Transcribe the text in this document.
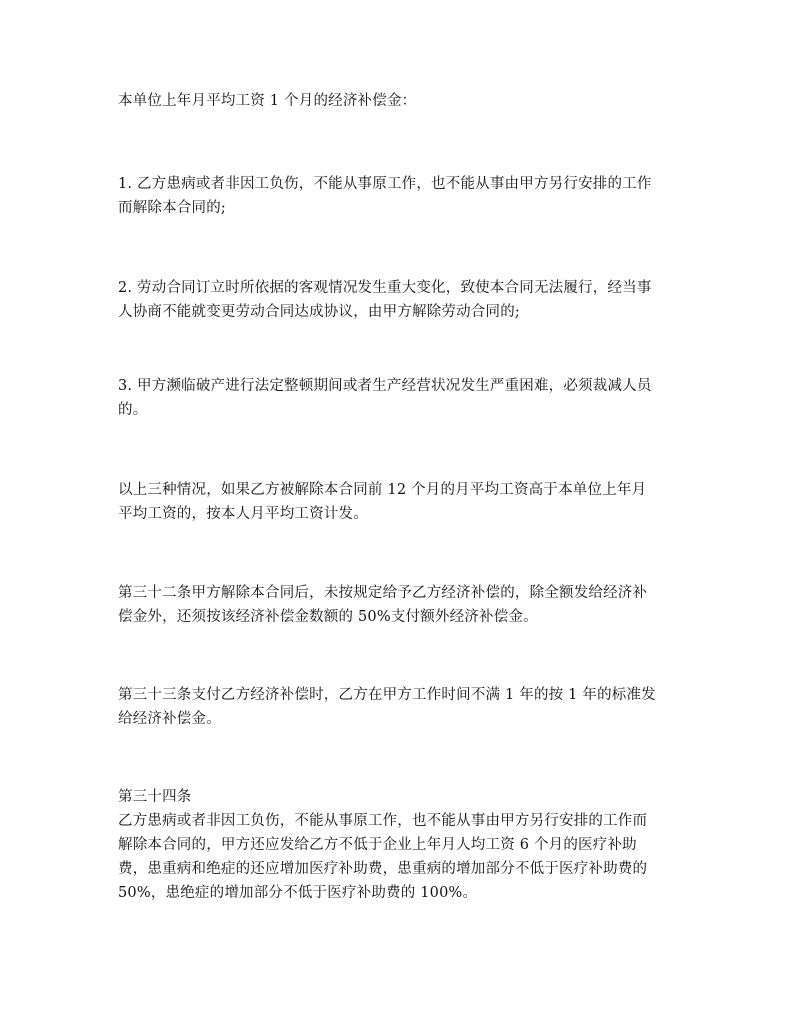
本单位上年月平均工资 1 个月的经济补偿金：

1. 乙方患病或者非因工负伤，不能从事原工作，也不能从事由甲方另行安排的工作
而解除本合同的;

2. 劳动合同订立时所依据的客观情况发生重大变化，致使本合同无法履行，经当事
人协商不能就变更劳动合同达成协议，由甲方解除劳动合同的;

3. 甲方濒临破产进行法定整顿期间或者生产经营状况发生严重困难，必须裁减人员
的。

以上三种情况，如果乙方被解除本合同前 12 个月的月平均工资高于本单位上年月
平均工资的，按本人月平均工资计发。

第三十二条甲方解除本合同后，未按规定给予乙方经济补偿的，除全额发给经济补
偿金外，还须按该经济补偿金数额的 50%支付额外经济补偿金。

第三十三条支付乙方经济补偿时，乙方在甲方工作时间不满 1 年的按 1 年的标准发
给经济补偿金。

第三十四条
乙方患病或者非因工负伤，不能从事原工作，也不能从事由甲方另行安排的工作而
解除本合同的，甲方还应发给乙方不低于企业上年月人均工资 6 个月的医疗补助
费，患重病和绝症的还应增加医疗补助费，患重病的增加部分不低于医疗补助费的
50%，患绝症的增加部分不低于医疗补助费的 100%。
